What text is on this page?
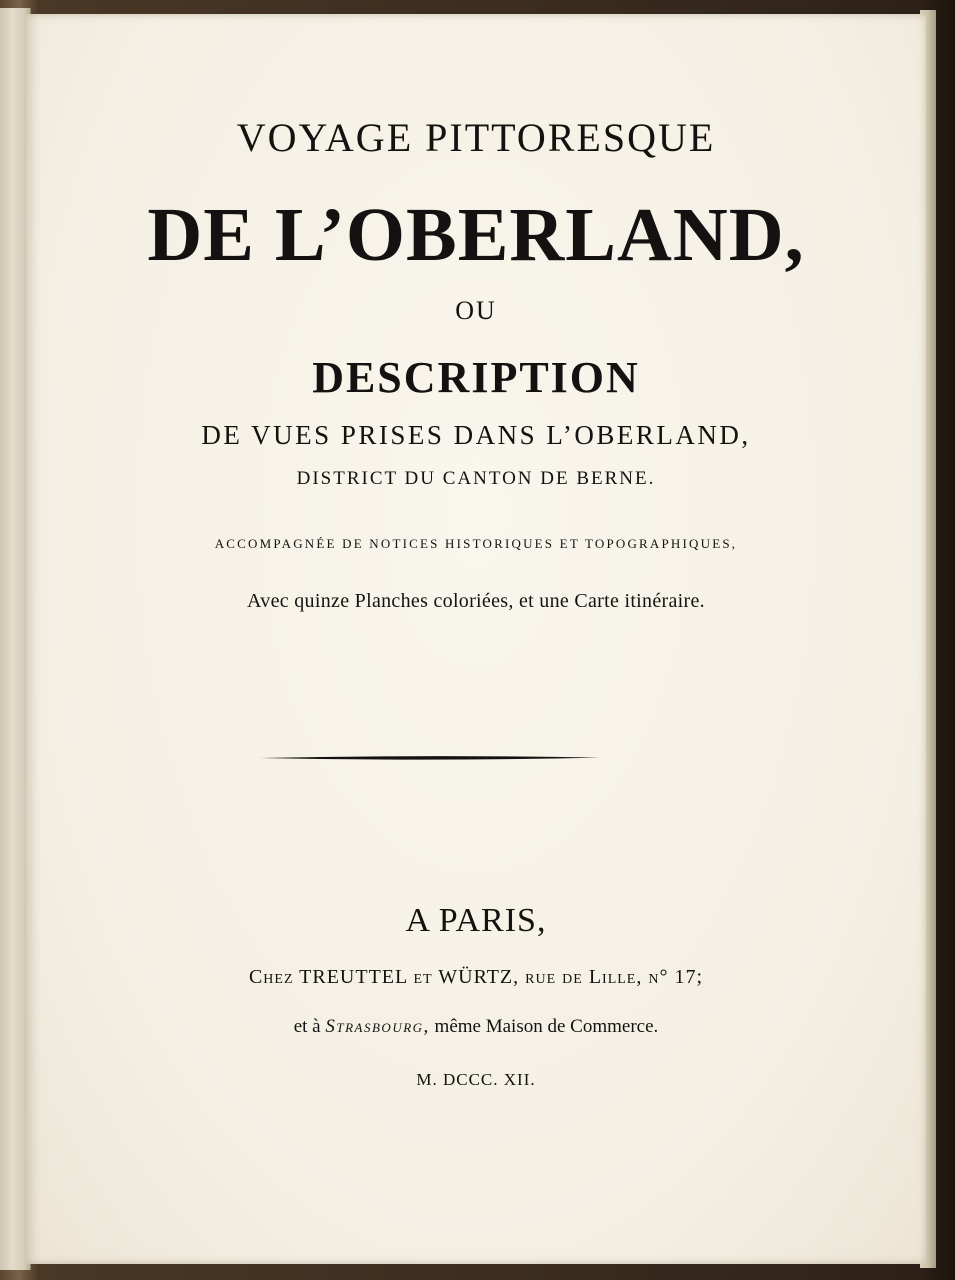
VOYAGE PITTORESQUE
DE L’OBERLAND,
OU
DESCRIPTION
DE VUES PRISES DANS L’OBERLAND,
DISTRICT DU CANTON DE BERNE.
ACCOMPAGNÉE DE NOTICES HISTORIQUES ET TOPOGRAPHIQUES,
Avec quinze Planches coloriées, et une Carte itinéraire.
A PARIS,
Chez TREUTTEL et WÜRTZ, rue de Lille, n° 17;
et à Strasbourg, même Maison de Commerce.
M. DCCC. XII.
